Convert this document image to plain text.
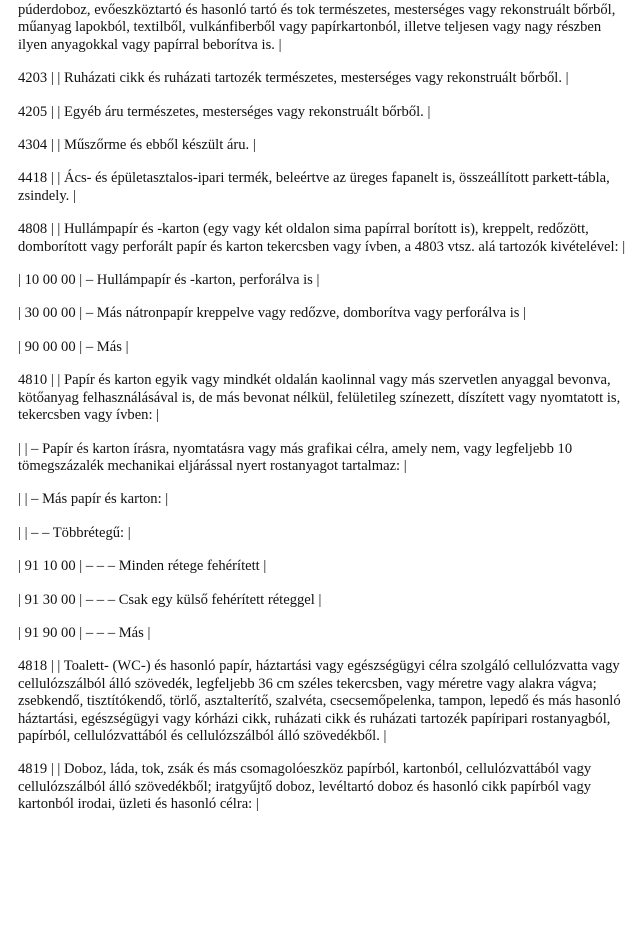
púderdoboz, evőeszköztartó és hasonló tartó és tok természetes, mesterséges vagy rekonstruált bőrből, műanyag lapokból, textilből, vulkánfiberből vagy papírkartonból, illetve teljesen vagy nagy részben ilyen anyagokkal vagy papírral beborítva is. |

4203 | | Ruházati cikk és ruházati tartozék természetes, mesterséges vagy rekonstruált bőrből. |

4205 | | Egyéb áru természetes, mesterséges vagy rekonstruált bőrből. |

4304 | | Műszőrme és ebből készült áru. |

4418 | | Ács- és épületasztalos-ipari termék, beleértve az üreges fapanelt is, összeállított parkett-tábla, zsindely. |

4808 | | Hullámpapír és -karton (egy vagy két oldalon sima papírral borított is), kreppelt, redőzött, domborított vagy perforált papír és karton tekercsben vagy ívben, a 4803 vtsz. alá tartozók kivételével: |

| 10 00 00 | – Hullámpapír és -karton, perforálva is |

| 30 00 00 | – Más nátronpapír kreppelve vagy redőzve, domborítva vagy perforálva is |

| 90 00 00 | – Más |

4810 | | Papír és karton egyik vagy mindkét oldalán kaolinnal vagy más szervetlen anyaggal bevonva, kötőanyag felhasználásával is, de más bevonat nélkül, felületileg színezett, díszített vagy nyomtatott is, tekercsben vagy ívben: |

| | – Papír és karton írásra, nyomtatásra vagy más grafikai célra, amely nem, vagy legfeljebb 10 tömegszázalék mechanikai eljárással nyert rostanyagot tartalmaz: |

| | – Más papír és karton: |

| | – – Többrétegű: |

| 91 10 00 | – – – Minden rétege fehérített |

| 91 30 00 | – – – Csak egy külső fehérített réteggel |

| 91 90 00 | – – – Más |

4818 | | Toalett- (WC-) és hasonló papír, háztartási vagy egészségügyi célra szolgáló cellulózvatta vagy cellulózszálból álló szövedék, legfeljebb 36 cm széles tekercsben, vagy méretre vagy alakra vágva; zsebkendő, tisztítókendő, törlő, asztalterítő, szalvéta, csecsemőpelenka, tampon, lepedő és más hasonló háztartási, egészségügyi vagy kórházi cikk, ruházati cikk és ruházati tartozék papíripari rostanyagból, papírból, cellulózvattából és cellulózszálból álló szövedékből. |

4819 | | Doboz, láda, tok, zsák és más csomagolóeszköz papírból, kartonból, cellulózvattából vagy cellulózszálból álló szövedékből; iratgyűjtő doboz, levéltartó doboz és hasonló cikk papírból vagy kartonból irodai, üzleti és hasonló célra: |
